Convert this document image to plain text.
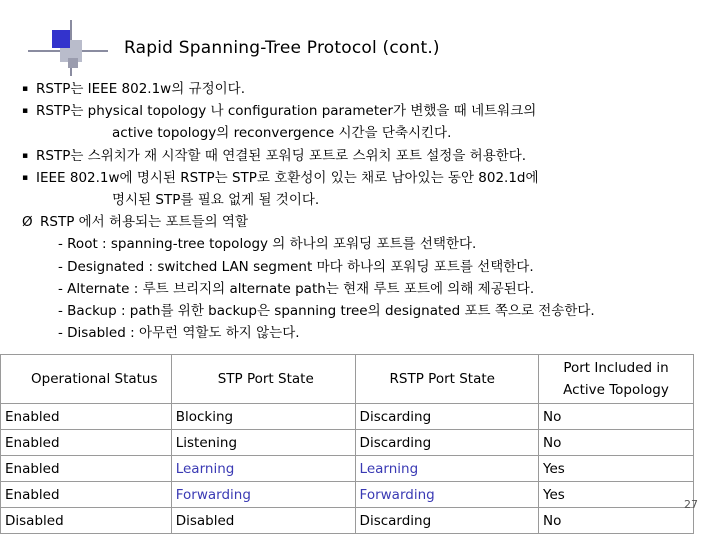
Rapid Spanning-Tree Protocol (cont.)
▪ RSTP는 IEEE 802.1w의 규정이다.
▪ RSTP는 physical topology 나 configuration parameter가 변했을 때 네트워크의
active topology의 reconvergence 시간을 단축시킨다.
▪ RSTP는 스위치가 재 시작할 때 연결된 포워딩 포트로 스위치 포트 설정을 허용한다.
▪ IEEE 802.1w에 명시된 RSTP는 STP로 호환성이 있는 채로 남아있는 동안 802.1d에
명시된 STP를 필요 없게 될 것이다.
Ø RSTP 에서 허용되는 포트들의 역할
- Root : spanning-tree topology 의 하나의 포워딩 포트를 선택한다.
- Designated : switched LAN segment 마다 하나의 포워딩 포트를 선택한다.
- Alternate : 루트 브리지의 alternate path는 현재 루트 포트에 의해 제공된다.
- Backup : path를 위한 backup은 spanning tree의 designated 포트 쪽으로 전송한다.
- Disabled : 아무런 역할도 하지 않는다.
Operational Status	STP Port State	RSTP Port State	Port Included in
Active Topology

Enabled	Blocking	Discarding	No
Enabled	Listening	Discarding	No
Enabled	Learning	Learning	Yes
Enabled	Forwarding	Forwarding	Yes
Disabled	Disabled	Discarding	No
27
